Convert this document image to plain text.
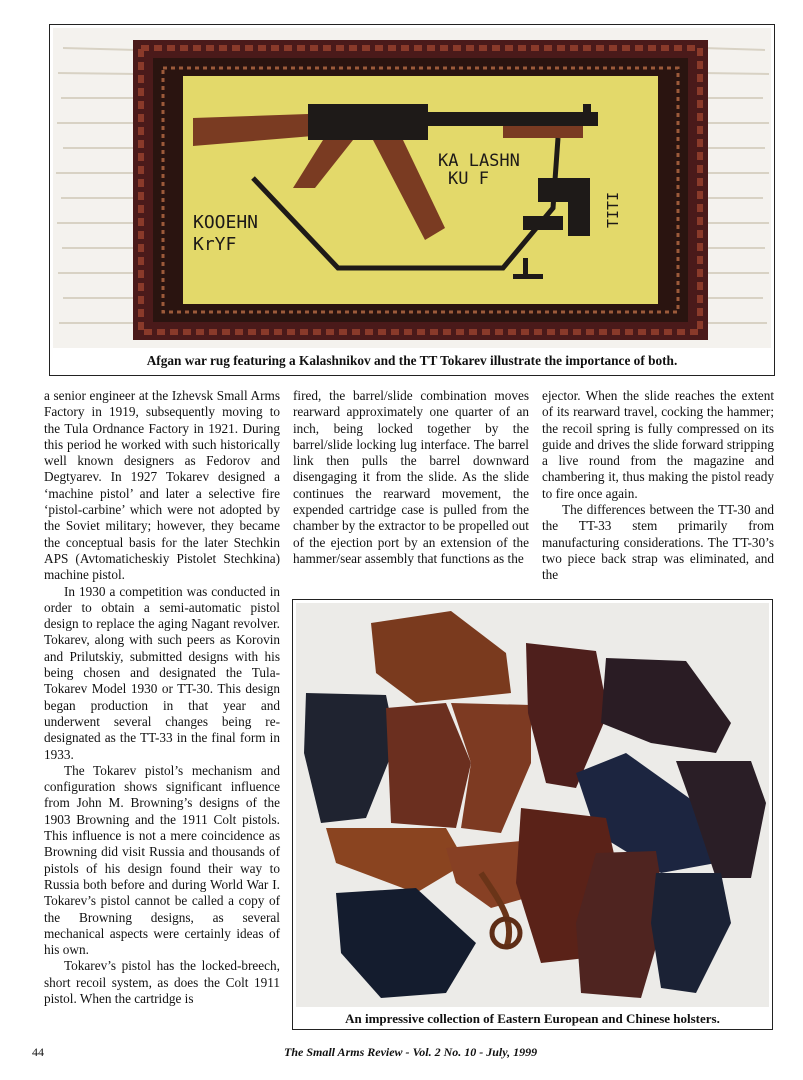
KA LASHN
KU F
KOOEHN
KrYF
TITI
Afgan war rug featuring a Kalashnikov and the TT Tokarev illustrate the importance of both.

a senior engineer at the Izhevsk Small Arms Factory in 1919, subsequently moving to the Tula Ordnance Factory in 1921. During this period he worked with such historically well known designers as Fedorov and Degtyarev. In 1927 Tokarev designed a ‘machine pistol’ and later a selective fire ‘pistol-carbine’ which were not adopted by the Soviet military; however, they became the conceptual basis for the later Stechkin APS (Avtomaticheskiy Pistolet Stechkina) machine pistol.

In 1930 a competition was conducted in order to obtain a semi-automatic pistol design to replace the aging Nagant revolver. Tokarev, along with such peers as Korovin and Prilutskiy, submitted designs with his being chosen and designated the Tula-Tokarev Model 1930 or TT-30. This design began production in that year and underwent several changes being re-designated as the TT-33 in the final form in 1933.

The Tokarev pistol’s mechanism and configuration shows significant influence from John M. Browning’s designs of the 1903 Browning and the 1911 Colt pistols. This influence is not a mere coincidence as Browning did visit Russia and thousands of pistols of his design found their way to Russia both before and during World War I. Tokarev’s pistol cannot be called a copy of the Browning designs, as several mechanical aspects were certainly ideas of his own.

Tokarev’s pistol has the locked-breech, short recoil system, as does the Colt 1911 pistol. When the cartridge is

fired, the barrel/slide combination moves rearward approximately one quarter of an inch, being locked together by the barrel/slide locking lug interface. The barrel link then pulls the barrel downward disengaging it from the slide. As the slide continues the rearward movement, the expended cartridge case is pulled from the chamber by the extractor to be propelled out of the ejection port by an extension of the hammer/sear assembly that functions as the

ejector. When the slide reaches the extent of its rearward travel, cocking the hammer; the recoil spring is fully compressed on its guide and drives the slide forward stripping a live round from the magazine and chambering it, thus making the pistol ready to fire once again.

The differences between the TT-30 and the TT-33 stem primarily from manufacturing considerations. The TT-30’s two piece back strap was eliminated, and the

An impressive collection of Eastern European and Chinese holsters.
44	The Small Arms Review - Vol. 2 No. 10 - July, 1999
